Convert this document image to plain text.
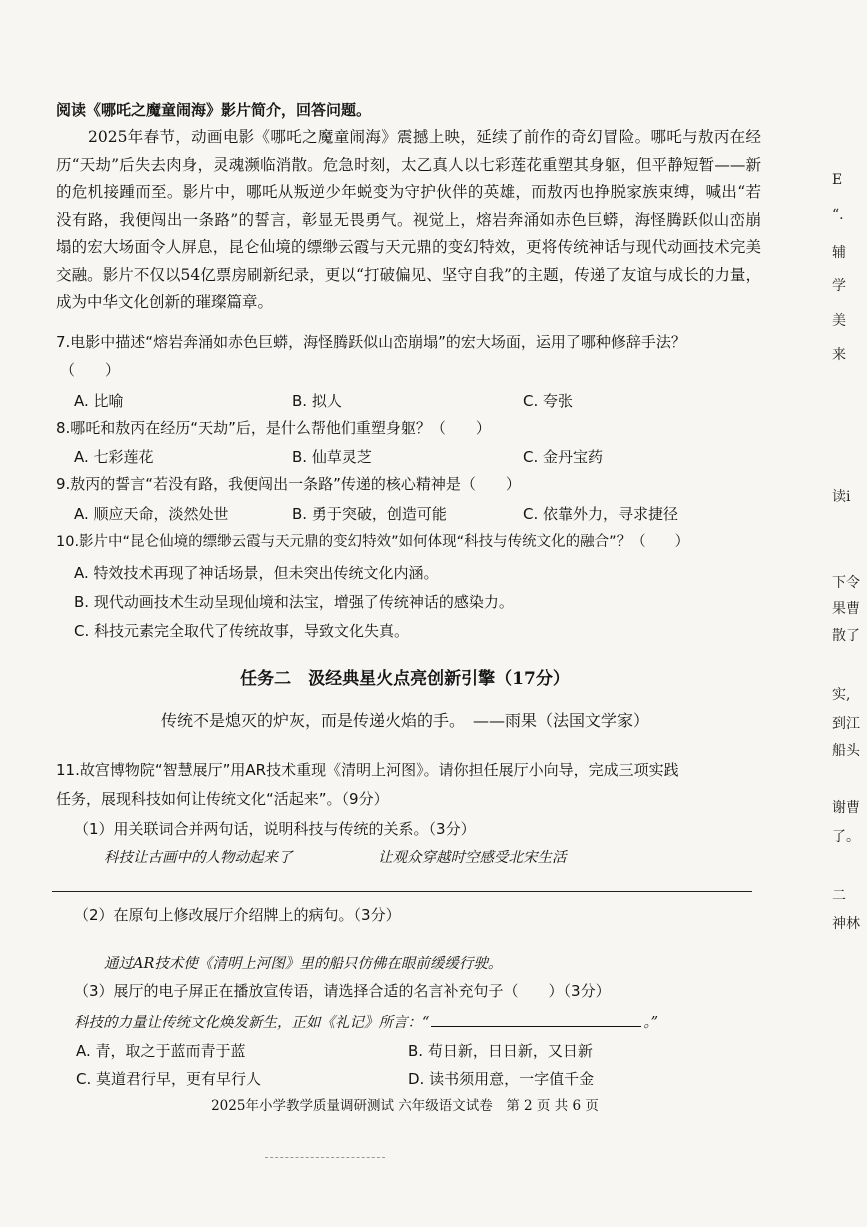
阅读《哪吒之魔童闹海》影片简介，回答问题。
2025年春节，动画电影《哪吒之魔童闹海》震撼上映，延续了前作的奇幻冒险。哪吒与敖丙在经历“天劫”后失去肉身，灵魂濒临消散。危急时刻，太乙真人以七彩莲花重塑其身躯，但平静短暂——新的危机接踵而至。影片中，哪吒从叛逆少年蜕变为守护伙伴的英雄，而敖丙也挣脱家族束缚，喊出“若没有路，我便闯出一条路”的誓言，彰显无畏勇气。视觉上，熔岩奔涌如赤色巨蟒，海怪腾跃似山峦崩塌的宏大场面令人屏息，昆仑仙境的缥缈云霞与天元鼎的变幻特效，更将传统神话与现代动画技术完美交融。影片不仅以54亿票房刷新纪录，更以“打破偏见、坚守自我”的主题，传递了友谊与成长的力量，成为中华文化创新的璀璨篇章。
7.电影中描述“熔岩奔涌如赤色巨蟒，海怪腾跃似山峦崩塌”的宏大场面，运用了哪种修辞手法？
（　　）
A. 比喻	B. 拟人	C. 夸张
8.哪吒和敖丙在经历“天劫”后，是什么帮他们重塑身躯？（　　）
A. 七彩莲花	B. 仙草灵芝	C. 金丹宝药
9.敖丙的誓言“若没有路，我便闯出一条路”传递的核心精神是（　　）
A. 顺应天命，淡然处世	B. 勇于突破，创造可能	C. 依靠外力，寻求捷径
10.影片中“昆仑仙境的缥缈云霞与天元鼎的变幻特效”如何体现“科技与传统文化的融合”？（　　）
A. 特效技术再现了神话场景，但未突出传统文化内涵。
B. 现代动画技术生动呈现仙境和法宝，增强了传统神话的感染力。
C. 科技元素完全取代了传统故事，导致文化失真。
任务二　汲经典星火点亮创新引擎（17分）
传统不是熄灭的炉灰，而是传递火焰的手。　——雨果（法国文学家）
11.故宫博物院“智慧展厅”用AR技术重现《清明上河图》。请你担任展厅小向导，完成三项实践
任务，展现科技如何让传统文化“活起来”。（9分）
（1）用关联词合并两句话，说明科技与传统的关系。（3分）
科技让古画中的人物动起来了	让观众穿越时空感受北宋生活
（2）在原句上修改展厅介绍牌上的病句。（3分）
通过AR技术使《清明上河图》里的船只仿佛在眼前缓缓行驶。
（3）展厅的电子屏正在播放宣传语，请选择合适的名言补充句子（　　）（3分）
科技的力量让传统文化焕发新生，正如《礼记》所言：“	。”
A. 青，取之于蓝而青于蓝	B. 苟日新，日日新，又日新
C. 莫道君行早，更有早行人	D. 读书须用意，一字值千金
2025年小学教学质量调研测试 六年级语文试卷　第 2 页 共 6 页
E
“.
辅
学
美
来
读i
下令
果曹
散了
实,
到江
船头
谢曹
了。
二
神林
